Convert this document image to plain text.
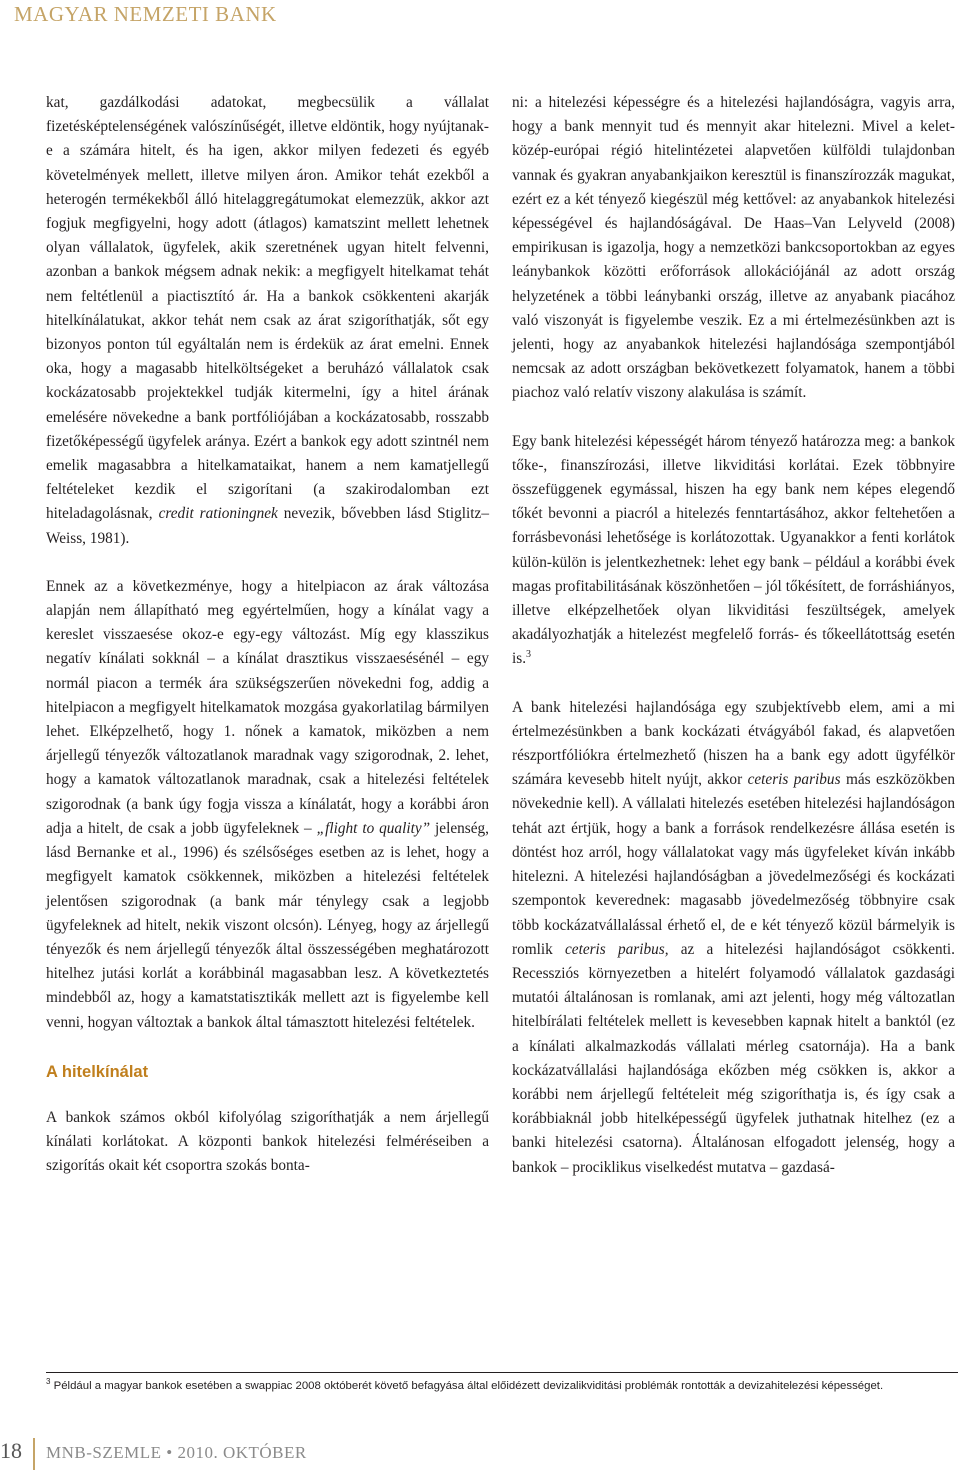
MAGYAR NEMZETI BANK

kat, gazdálkodási adatokat, megbecsülik a vállalat fizetésképtelenségének valószínűségét, illetve eldöntik, hogy nyújtanak-e a számára hitelt, és ha igen, akkor milyen fedezeti és egyéb követelmények mellett, illetve milyen áron. Amikor tehát ezekből a heterogén termékekből álló hitelaggregátumokat elemezzük, akkor azt fogjuk megfigyelni, hogy adott (átlagos) kamatszint mellett lehetnek olyan vállalatok, ügyfelek, akik szeretnének ugyan hitelt felvenni, azonban a bankok mégsem adnak nekik: a megfigyelt hitelkamat tehát nem feltétlenül a piactisztító ár. Ha a bankok csökkenteni akarják hitelkínálatukat, akkor tehát nem csak az árat szigoríthatják, sőt egy bizonyos ponton túl egyáltalán nem is érdekük az árat emelni. Ennek oka, hogy a magasabb hitelköltségeket a beruházó vállalatok csak kockázatosabb projektekkel tudják kitermelni, így a hitel árának emelésére növekedne a bank portfóliójában a kockázatosabb, rosszabb fizetőképességű ügyfelek aránya. Ezért a bankok egy adott szintnél nem emelik magasabbra a hitelkamataikat, hanem a nem kamatjellegű feltételeket kezdik el szigorítani (a szakirodalomban ezt hiteladagolásnak, credit rationingnek nevezik, bővebben lásd Stiglitz–Weiss, 1981).

Ennek az a következménye, hogy a hitelpiacon az árak változása alapján nem állapítható meg egyértelműen, hogy a kínálat vagy a kereslet visszaesése okoz-e egy-egy változást. Míg egy klasszikus negatív kínálati sokknál – a kínálat drasztikus visszaesésénél – egy normál piacon a termék ára szükségszerűen növekedni fog, addig a hitelpiacon a megfigyelt hitelkamatok mozgása gyakorlatilag bármilyen lehet. Elképzelhető, hogy 1. nőnek a kamatok, miközben a nem árjellegű tényezők változatlanok maradnak vagy szigorodnak, 2. lehet, hogy a kamatok változatlanok maradnak, csak a hitelezési feltételek szigorodnak (a bank úgy fogja vissza a kínálatát, hogy a korábbi áron adja a hitelt, de csak a jobb ügyfeleknek – „flight to quality” jelenség, lásd Bernanke et al., 1996) és szélsőséges esetben az is lehet, hogy a megfigyelt kamatok csökkennek, miközben a hitelezési feltételek jelentősen szigorodnak (a bank már ténylegy csak a legjobb ügyfeleknek ad hitelt, nekik viszont olcsón). Lényeg, hogy az árjellegű tényezők és nem árjellegű tényezők által összességében meghatározott hitelhez jutási korlát a korábbinál magasabban lesz. A következtetés mindebből az, hogy a kamatstatisztikák mellett azt is figyelembe kell venni, hogyan változtak a bankok által támasztott hitelezési feltételek.

A hitelkínálat

A bankok számos okból kifolyólag szigoríthatják a nem árjellegű kínálati korlátokat. A központi bankok hitelezési felméréseiben a szigorítás okait két csoportra szokás bonta-

ni: a hitelezési képességre és a hitelezési hajlandóságra, vagyis arra, hogy a bank mennyit tud és mennyit akar hitelezni. Mivel a kelet-közép-európai régió hitelintézetei alapvetően külföldi tulajdonban vannak és gyakran anyabankjaikon keresztül is finanszírozzák magukat, ezért ez a két tényező kiegészül még kettővel: az anyabankok hitelezési képességével és hajlandóságával. De Haas–Van Lelyveld (2008) empirikusan is igazolja, hogy a nemzetközi bankcsoportokban az egyes leánybankok közötti erőforrások allokációjánál az adott ország helyzetének a többi leánybanki ország, illetve az anyabank piacához való viszonyát is figyelembe veszik. Ez a mi értelmezésünkben azt is jelenti, hogy az anyabankok hitelezési hajlandósága szempontjából nemcsak az adott országban bekövetkezett folyamatok, hanem a többi piachoz való relatív viszony alakulása is számít.

Egy bank hitelezési képességét három tényező határozza meg: a bankok tőke-, finanszírozási, illetve likviditási korlátai. Ezek többnyire összefüggenek egymással, hiszen ha egy bank nem képes elegendő tőkét bevonni a piacról a hitelezés fenntartásához, akkor feltehetően a forrásbevonási lehetősége is korlátozottak. Ugyanakkor a fenti korlátok külön-külön is jelentkezhetnek: lehet egy bank – például a korábbi évek magas profitabilitásának köszönhetően – jól tőkésített, de forráshiányos, illetve elképzelhetőek olyan likviditási feszültségek, amelyek akadályozhatják a hitelezést megfelelő forrás- és tőkeellátottság esetén is.$^3$

A bank hitelezési hajlandósága egy szubjektívebb elem, ami a mi értelmezésünkben a bank kockázati étvágyából fakad, és alapvetően részportfóliókra értelmezhető (hiszen ha a bank egy adott ügyfélkör számára kevesebb hitelt nyújt, akkor ceteris paribus más eszközökben növekednie kell). A vállalati hitelezés esetében hitelezési hajlandóságon tehát azt értjük, hogy a bank a források rendelkezésre állása esetén is döntést hoz arról, hogy vállalatokat vagy más ügyfeleket kíván inkább hitelezni. A hitelezési hajlandóságban a jövedelmezőségi és kockázati szempontok keverednek: magasabb jövedelmezőség többnyire csak több kockázatvállalással érhető el, de e két tényező közül bármelyik is romlik ceteris paribus, az a hitelezési hajlandóságot csökkenti. Recessziós környezetben a hitelért folyamodó vállalatok gazdasági mutatói általánosan is romlanak, ami azt jelenti, hogy még változatlan hitelbírálati feltételek mellett is kevesebben kapnak hitelt a banktól (ez a kínálati alkalmazkodás vállalati mérleg csatornája). Ha a bank kockázatvállalási hajlandósága ekőzben még csökken is, akkor a korábbi nem árjellegű feltételeit még szigoríthatja is, és így csak a korábbiaknál jobb hitelképességű ügyfelek juthatnak hitelhez (ez a banki hitelezési csatorna). Általánosan elfogadott jelenség, hogy a bankok – prociklikus viselkedést mutatva – gazdasá-

$^3$ Például a magyar bankok esetében a swappiac 2008 októberét követő befagyása által előidézett devizalikviditási problémák rontották a devizahitelezési képességet.
18 MNB-SZEMLE • 2010. OKTÓBER
